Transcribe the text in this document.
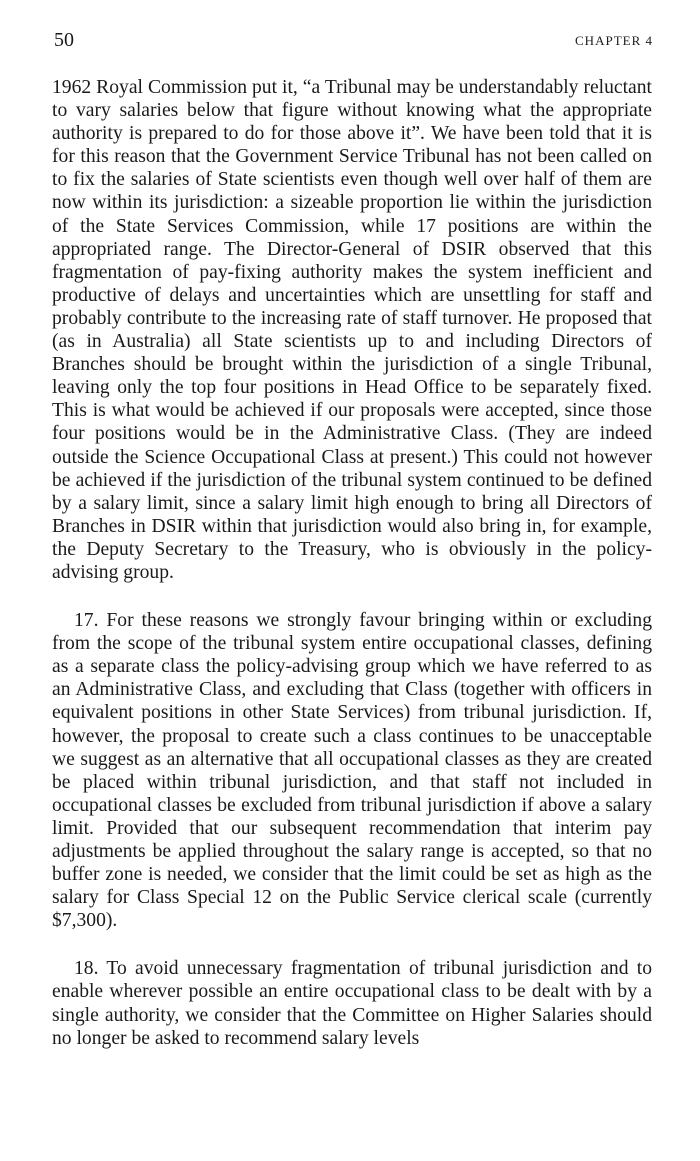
50	CHAPTER 4

1962 Royal Commission put it, “a Tribunal may be understandably reluctant to vary salaries below that figure without knowing what the appropriate authority is prepared to do for those above it”. We have been told that it is for this reason that the Government Service Tribunal has not been called on to fix the salaries of State scientists even though well over half of them are now within its jurisdiction: a sizeable proportion lie within the jurisdiction of the State Services Commission, while 17 positions are within the appropriated range. The Director-General of DSIR observed that this fragmentation of pay-fixing authority makes the system inefficient and productive of delays and uncertainties which are unsettling for staff and probably contribute to the increasing rate of staff turnover. He proposed that (as in Australia) all State scientists up to and including Directors of Branches should be brought within the jurisdiction of a single Tribunal, leaving only the top four positions in Head Office to be separately fixed. This is what would be achieved if our proposals were accepted, since those four positions would be in the Administrative Class. (They are indeed outside the Science Occupational Class at present.) This could not however be achieved if the jurisdiction of the tribunal system continued to be defined by a salary limit, since a salary limit high enough to bring all Directors of Branches in DSIR within that jurisdiction would also bring in, for example, the Deputy Secretary to the Treasury, who is obviously in the policy-advising group.

17. For these reasons we strongly favour bringing within or excluding from the scope of the tribunal system entire occupational classes, defining as a separate class the policy-advising group which we have referred to as an Administrative Class, and excluding that Class (together with officers in equivalent positions in other State Services) from tribunal jurisdiction. If, however, the proposal to create such a class continues to be unacceptable we suggest as an alternative that all occupational classes as they are created be placed within tribunal jurisdiction, and that staff not included in occupational classes be excluded from tribunal jurisdiction if above a salary limit. Provided that our subsequent recommendation that interim pay adjustments be applied throughout the salary range is accepted, so that no buffer zone is needed, we consider that the limit could be set as high as the salary for Class Special 12 on the Public Service clerical scale (currently $7,300).

18. To avoid unnecessary fragmentation of tribunal jurisdiction and to enable wherever possible an entire occupational class to be dealt with by a single authority, we consider that the Committee on Higher Salaries should no longer be asked to recommend salary levels
